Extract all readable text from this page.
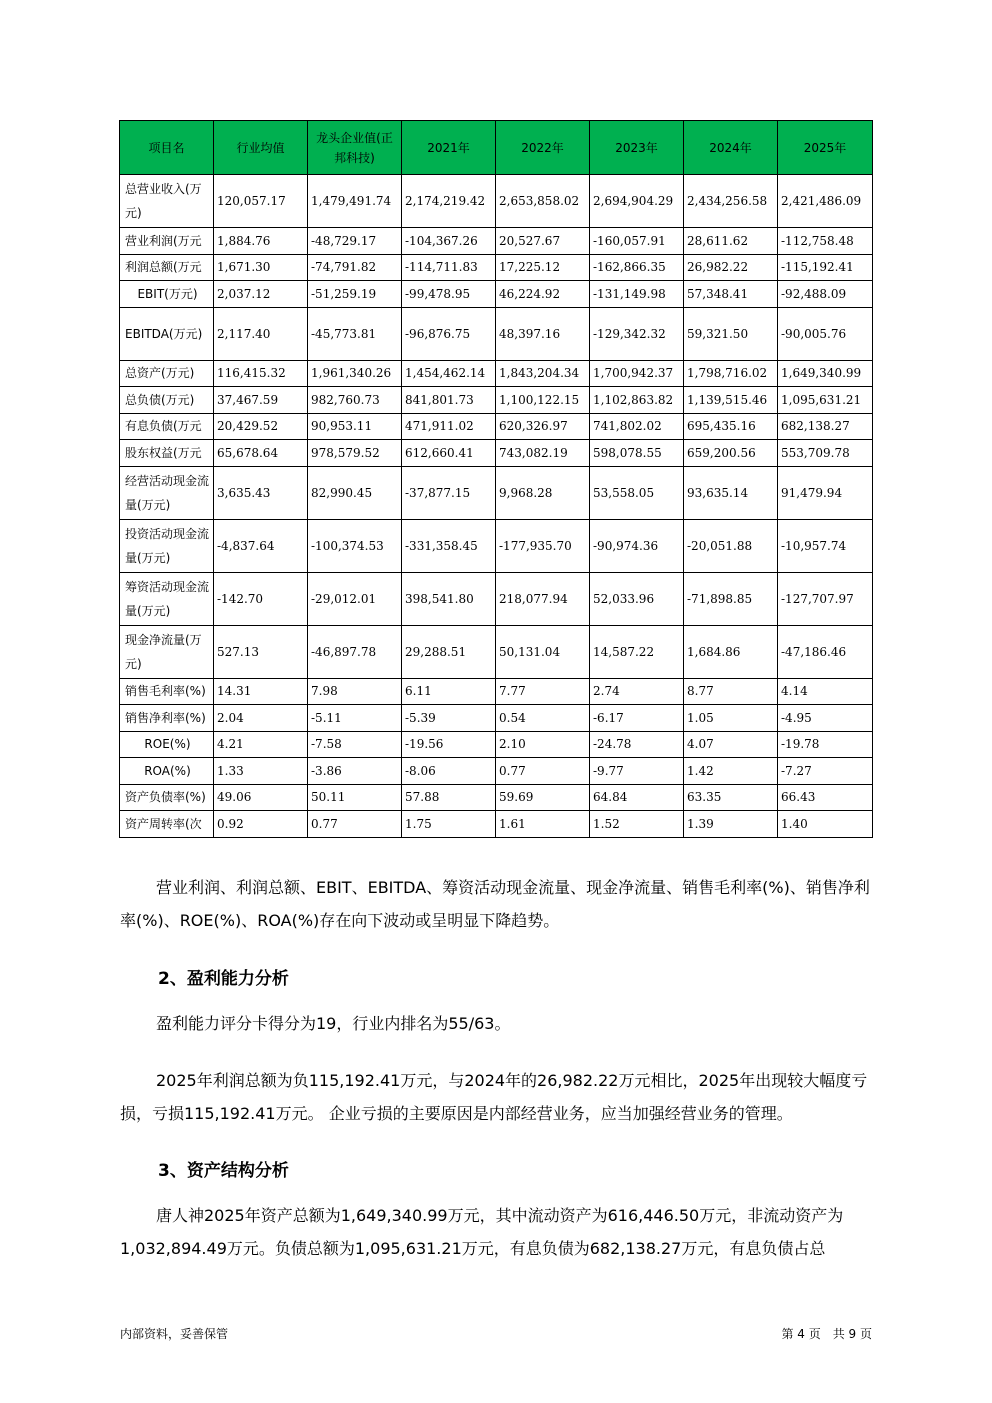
项目名	行业均值	龙头企业值(正邦科技)	2021年	2022年	2023年	2024年	2025年
总营业收入(万元)	120,057.17	1,479,491.74	2,174,219.42	2,653,858.02	2,694,904.29	2,434,256.58	2,421,486.09
营业利润(万元	1,884.76	-48,729.17	-104,367.26	20,527.67	-160,057.91	28,611.62	-112,758.48
利润总额(万元	1,671.30	-74,791.82	-114,711.83	17,225.12	-162,866.35	26,982.22	-115,192.41
EBIT(万元)	2,037.12	-51,259.19	-99,478.95	46,224.92	-131,149.98	57,348.41	-92,488.09
EBITDA(万元)	2,117.40	-45,773.81	-96,876.75	48,397.16	-129,342.32	59,321.50	-90,005.76
总资产(万元)	116,415.32	1,961,340.26	1,454,462.14	1,843,204.34	1,700,942.37	1,798,716.02	1,649,340.99
总负债(万元)	37,467.59	982,760.73	841,801.73	1,100,122.15	1,102,863.82	1,139,515.46	1,095,631.21
有息负债(万元	20,429.52	90,953.11	471,911.02	620,326.97	741,802.02	695,435.16	682,138.27
股东权益(万元	65,678.64	978,579.52	612,660.41	743,082.19	598,078.55	659,200.56	553,709.78
经营活动现金流量(万元)	3,635.43	82,990.45	-37,877.15	9,968.28	53,558.05	93,635.14	91,479.94
投资活动现金流量(万元)	-4,837.64	-100,374.53	-331,358.45	-177,935.70	-90,974.36	-20,051.88	-10,957.74
筹资活动现金流量(万元)	-142.70	-29,012.01	398,541.80	218,077.94	52,033.96	-71,898.85	-127,707.97
现金净流量(万元)	527.13	-46,897.78	29,288.51	50,131.04	14,587.22	1,684.86	-47,186.46
销售毛利率(%)	14.31	7.98	6.11	7.77	2.74	8.77	4.14
销售净利率(%)	2.04	-5.11	-5.39	0.54	-6.17	1.05	-4.95
ROE(%)	4.21	-7.58	-19.56	2.10	-24.78	4.07	-19.78
ROA(%)	1.33	-3.86	-8.06	0.77	-9.77	1.42	-7.27
资产负债率(%)	49.06	50.11	57.88	59.69	64.84	63.35	66.43
资产周转率(次	0.92	0.77	1.75	1.61	1.52	1.39	1.40
营业利润、利润总额、EBIT、EBITDA、筹资活动现金流量、现金净流量、销售毛利率(%)、销售净利率(%)、ROE(%)、ROA(%)存在向下波动或呈明显下降趋势。
2、盈利能力分析
盈利能力评分卡得分为19，行业内排名为55/63。
2025年利润总额为负115,192.41万元，与2024年的26,982.22万元相比，2025年出现较大幅度亏损，亏损115,192.41万元。 企业亏损的主要原因是内部经营业务，应当加强经营业务的管理。
3、资产结构分析
唐人神2025年资产总额为1,649,340.99万元，其中流动资产为616,446.50万元，非流动资产为1,032,894.49万元。负债总额为1,095,631.21万元，有息负债为682,138.27万元，有息负债占总
内部资料，妥善保管	第 4 页　共 9 页
